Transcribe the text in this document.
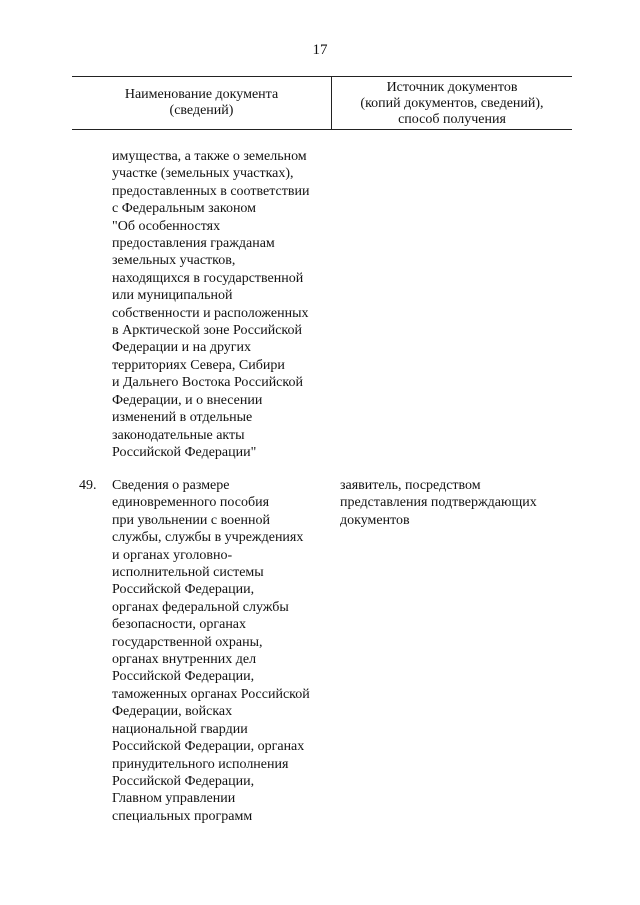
17
Наименование документа
(сведений)
Источник документов
(копий документов, сведений),
способ получения
имущества, а также о земельном
участке (земельных участках),
предоставленных в соответствии
с Федеральным законом
"Об особенностях
предоставления гражданам
земельных участков,
находящихся в государственной
или муниципальной
собственности и расположенных
в Арктической зоне Российской
Федерации и на других
территориях Севера, Сибири
и Дальнего Востока Российской
Федерации, и о внесении
изменений в отдельные
законодательные акты
Российской Федерации"
49. Сведения о размере
единовременного пособия
при увольнении с военной
службы, службы в учреждениях
и органах уголовно-
исполнительной системы
Российской Федерации,
органах федеральной службы
безопасности, органах
государственной охраны,
органах внутренних дел
Российской Федерации,
таможенных органах Российской
Федерации, войсках
национальной гвардии
Российской Федерации, органах
принудительного исполнения
Российской Федерации,
Главном управлении
специальных программ
заявитель, посредством
представления подтверждающих
документов
